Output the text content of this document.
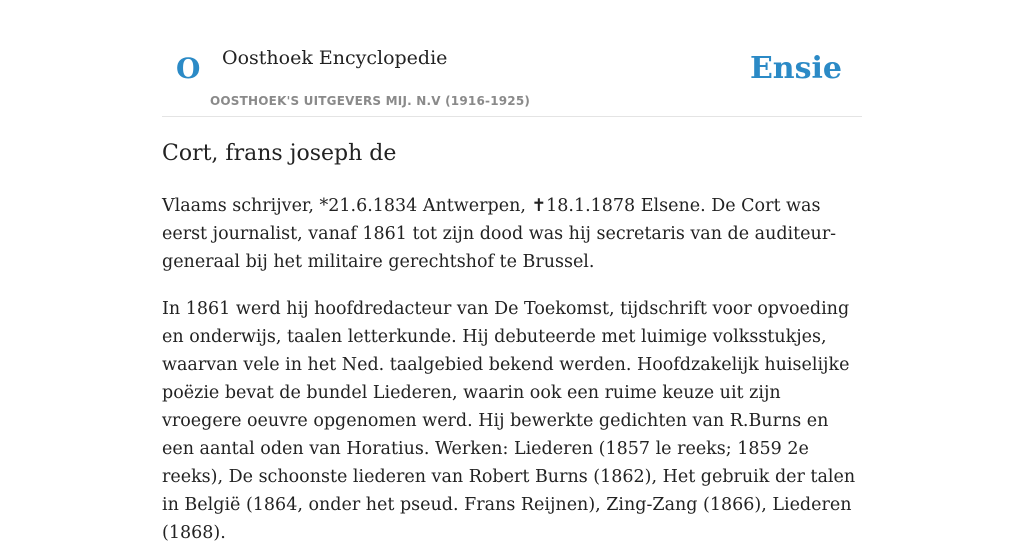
O Oosthoek Encyclopedie
OOSTHOEK'S UITGEVERS MIJ. N.V (1916-1925)
Ensie
Cort, frans joseph de

Vlaams schrijver, *21.6.1834 Antwerpen, ✝18.1.1878 Elsene. De Cort was eerst journalist, vanaf 1861 tot zijn dood was hij secretaris van de auditeur-generaal bij het militaire gerechtshof te Brussel.

In 1861 werd hij hoofdredacteur van De Toekomst, tijdschrift voor opvoeding en onderwijs, taalen letterkunde. Hij debuteerde met luimige volksstukjes, waarvan vele in het Ned. taalgebied bekend werden. Hoofdzakelijk huiselijke poëzie bevat de bundel Liederen, waarin ook een ruime keuze uit zijn vroegere oeuvre opgenomen werd. Hij bewerkte gedichten van R.Burns en een aantal oden van Horatius. Werken: Liederen (1857 le reeks; 1859 2e reeks), De schoonste liederen van Robert Burns (1862), Het gebruik der talen in België (1864, onder het pseud. Frans Reijnen), Zing-Zang (1866), Liederen (1868).
